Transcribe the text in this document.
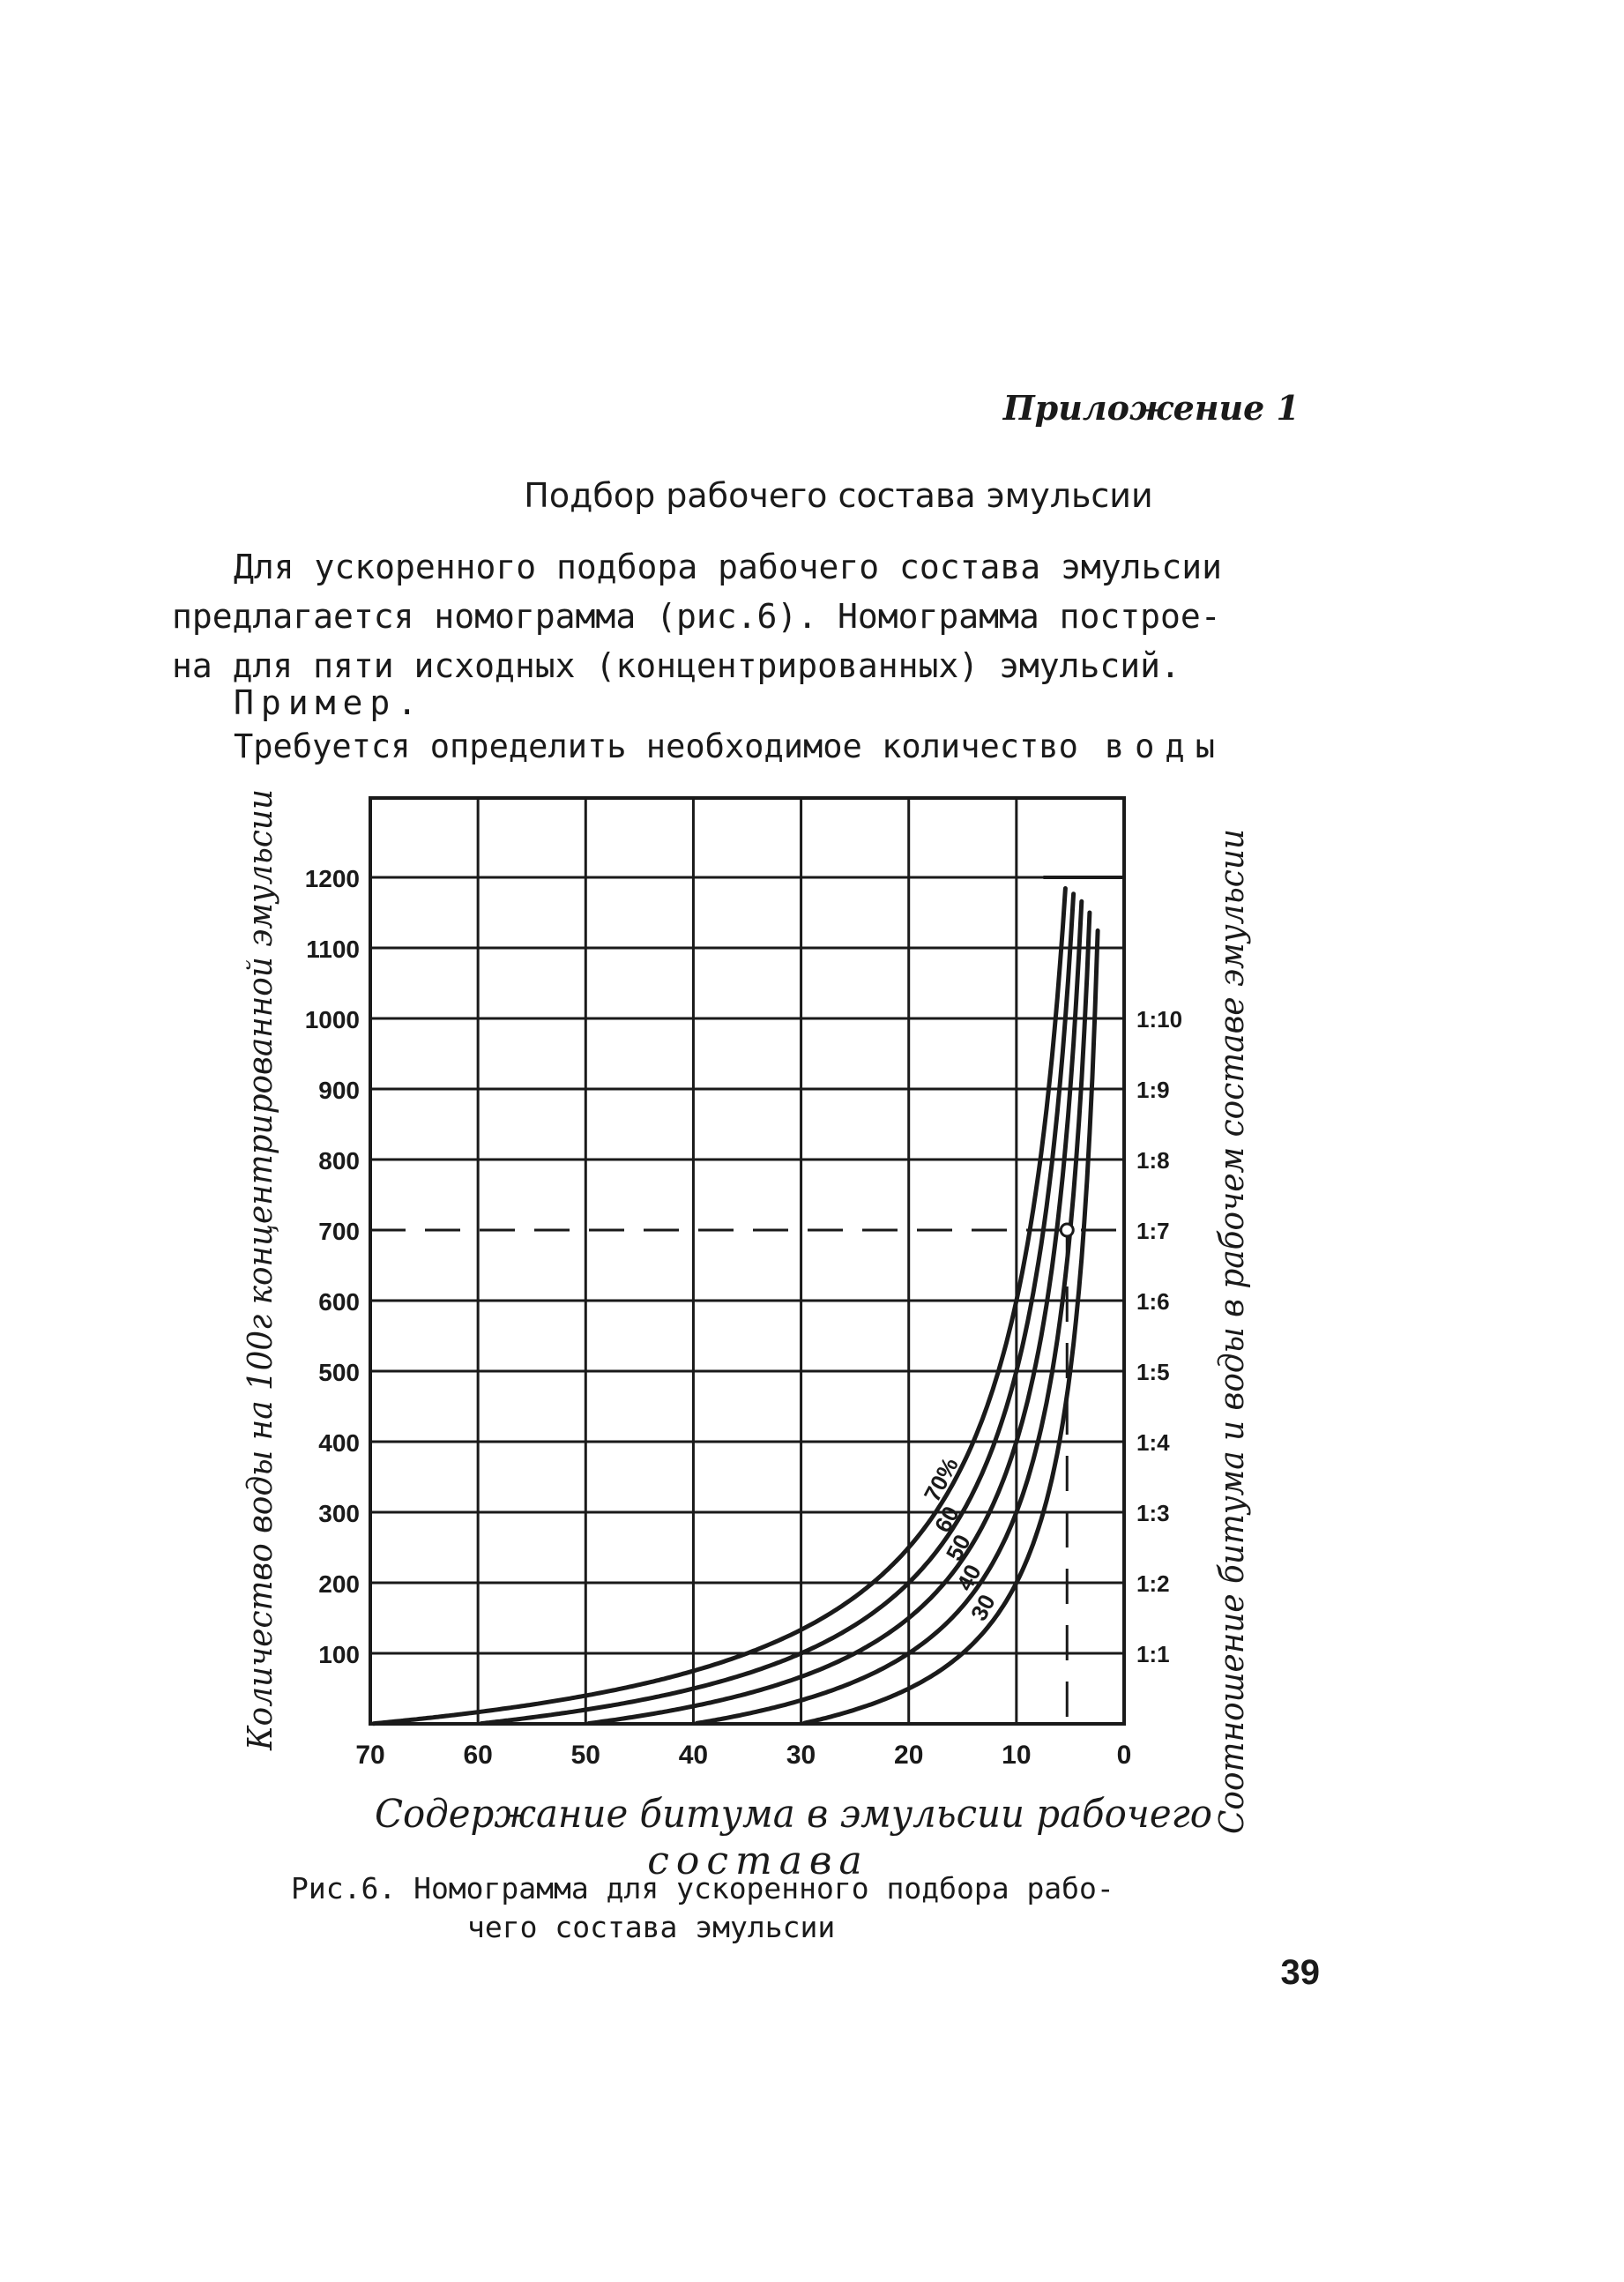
Приложение 1
Подбор рабочего состава эмульсии
Для ускоренного подбора рабочего состава эмульсии
предлагается номограмма (рис.6). Номограмма построе-
на для пяти исходных (концентрированных) эмульсий.
Пример.
Требуется определить необходимое количество воды
70	60	50	40	30	20	10	0
100
200
300
400
500
600
700
800
900
1000
1100
1200
1:1
1:2
1:3
1:4
1:5
1:6
1:7
1:8
1:9
1:10
70%
60
50
40
30
Содержание битума в эмульсии рабочего
состава
Количество воды на 100г концентрированной эмульсии	Соотношение битума и воды в рабочем составе эмульсии
Рис.6. Номограмма для ускоренного подбора рабо-
чего состава эмульсии
39
